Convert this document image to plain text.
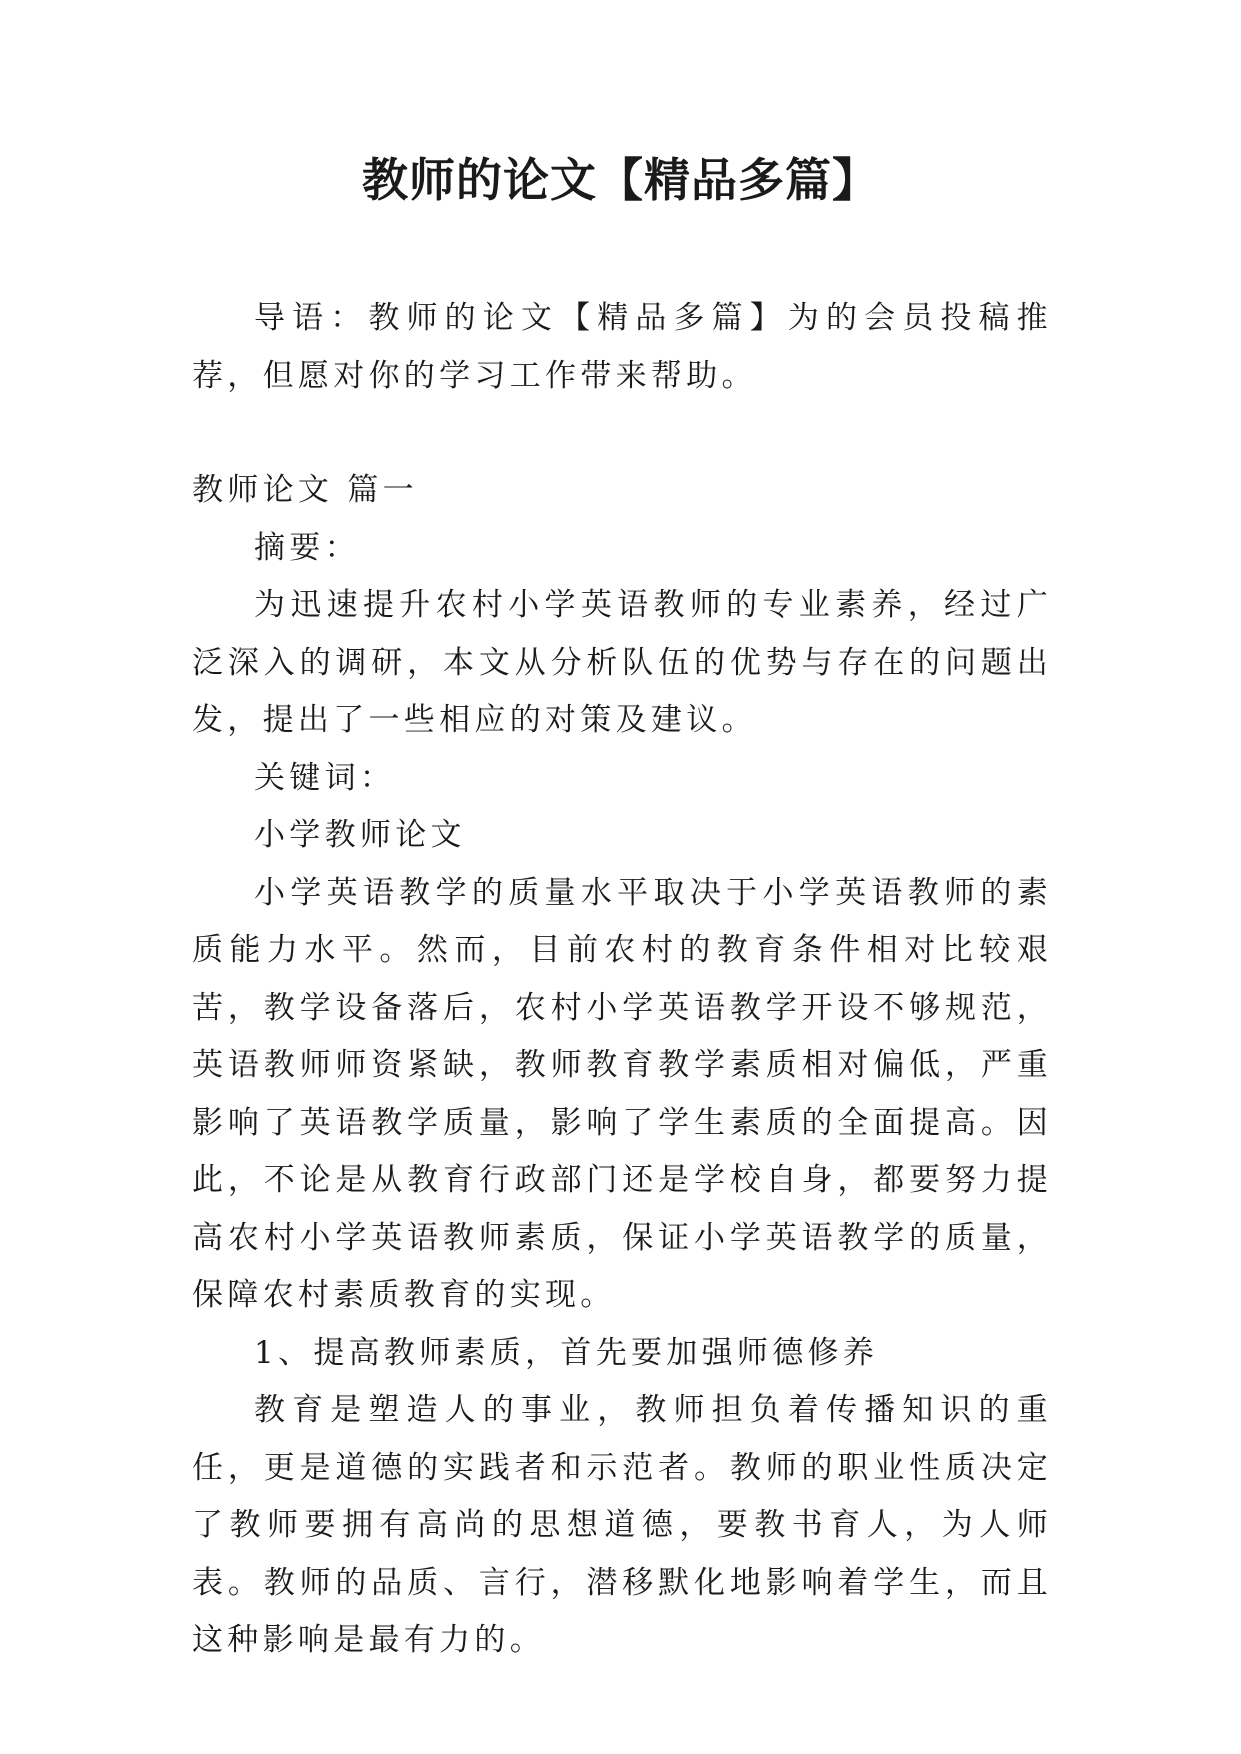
教师的论文【精品多篇】

导语：教师的论文【精品多篇】为的会员投稿推荐，但愿对你的学习工作带来帮助。

教师论文 篇一

摘要：

为迅速提升农村小学英语教师的专业素养，经过广泛深入的调研，本文从分析队伍的优势与存在的问题出发，提出了一些相应的对策及建议。

关键词：

小学教师论文

小学英语教学的质量水平取决于小学英语教师的素质能力水平。然而，目前农村的教育条件相对比较艰苦，教学设备落后，农村小学英语教学开设不够规范，英语教师师资紧缺，教师教育教学素质相对偏低，严重影响了英语教学质量，影响了学生素质的全面提高。因此，不论是从教育行政部门还是学校自身，都要努力提高农村小学英语教师素质，保证小学英语教学的质量，保障农村素质教育的实现。

1、提高教师素质，首先要加强师德修养

教育是塑造人的事业，教师担负着传播知识的重任，更是道德的实践者和示范者。教师的职业性质决定了教师要拥有高尚的思想道德，要教书育人，为人师表。教师的品质、言行，潜移默化地影响着学生，而且这种影响是最有力的。
